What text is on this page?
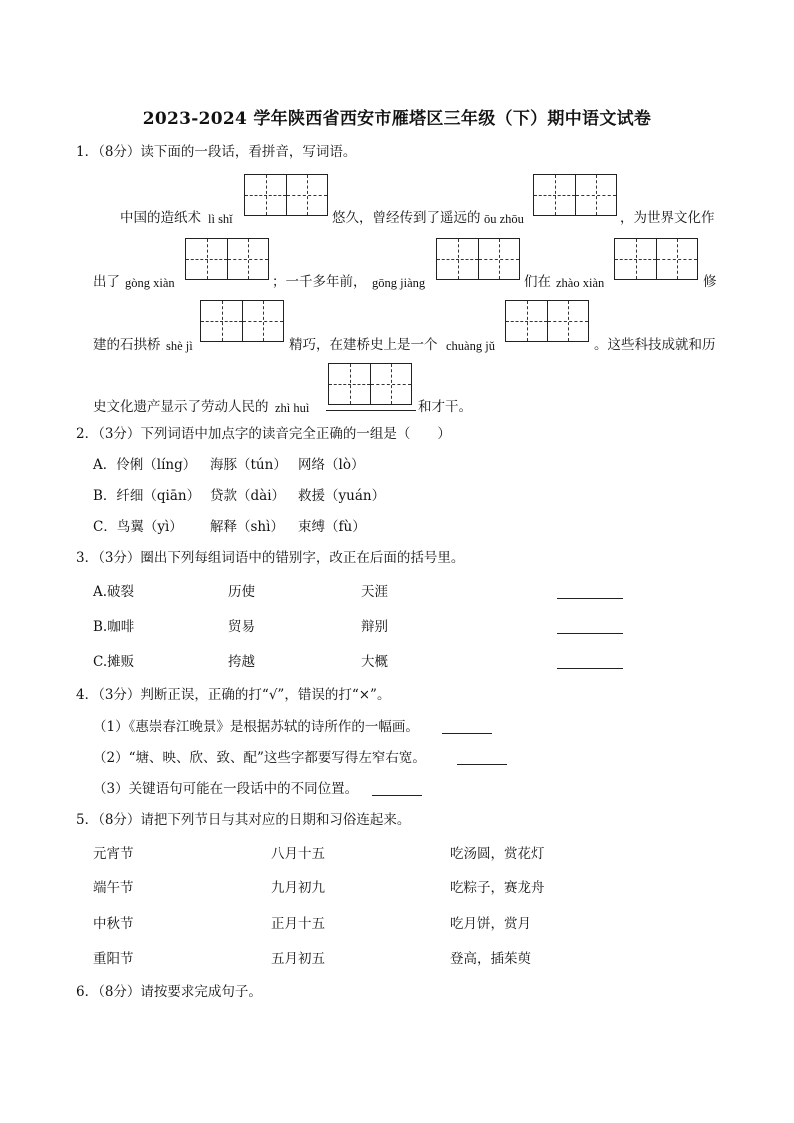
2023-2024 学年陕西省西安市雁塔区三年级（下）期中语文试卷
1．（8分）读下面的一段话，看拼音，写词语。
中国的造纸术 lì shǐ	悠久，曾经传到了遥远的 ōu zhōu	，为世界文化作
出了 gòng xiàn	；一千多年前， gōng jiàng	们在 zhào xiàn	修
建的石拱桥 shè jì	精巧，在建桥史上是一个 chuàng jǔ	。这些科技成就和历
史文化遗产显示了劳动人民的 zhì huì	和才干。
2．（3分）下列词语中加点字的读音完全正确的一组是（　　）
A．伶俐（líng） 海豚（tún） 网络（lò）
B．纤细（qiān） 贷款（dài） 救援（yuán）
C．鸟翼（yì） 解释（shì） 束缚（fù）
3．（3分）圈出下列每组词语中的错别字，改正在后面的括号里。
A.破裂	历使	天涯
B.咖啡	贸易	辩别
C.摊贩	挎越	大概
4．（3分）判断正误，正确的打“√”，错误的打“×”。
（1）《惠崇春江晚景》是根据苏轼的诗所作的一幅画。
（2）“塘、映、欣、致、配”这些字都要写得左窄右宽。
（3）关键语句可能在一段话中的不同位置。
5．（8分）请把下列节日与其对应的日期和习俗连起来。
元宵节	八月十五	吃汤圆，赏花灯
端午节	九月初九	吃粽子，赛龙舟
中秋节	正月十五	吃月饼，赏月
重阳节	五月初五	登高，插茱萸
6．（8分）请按要求完成句子。
